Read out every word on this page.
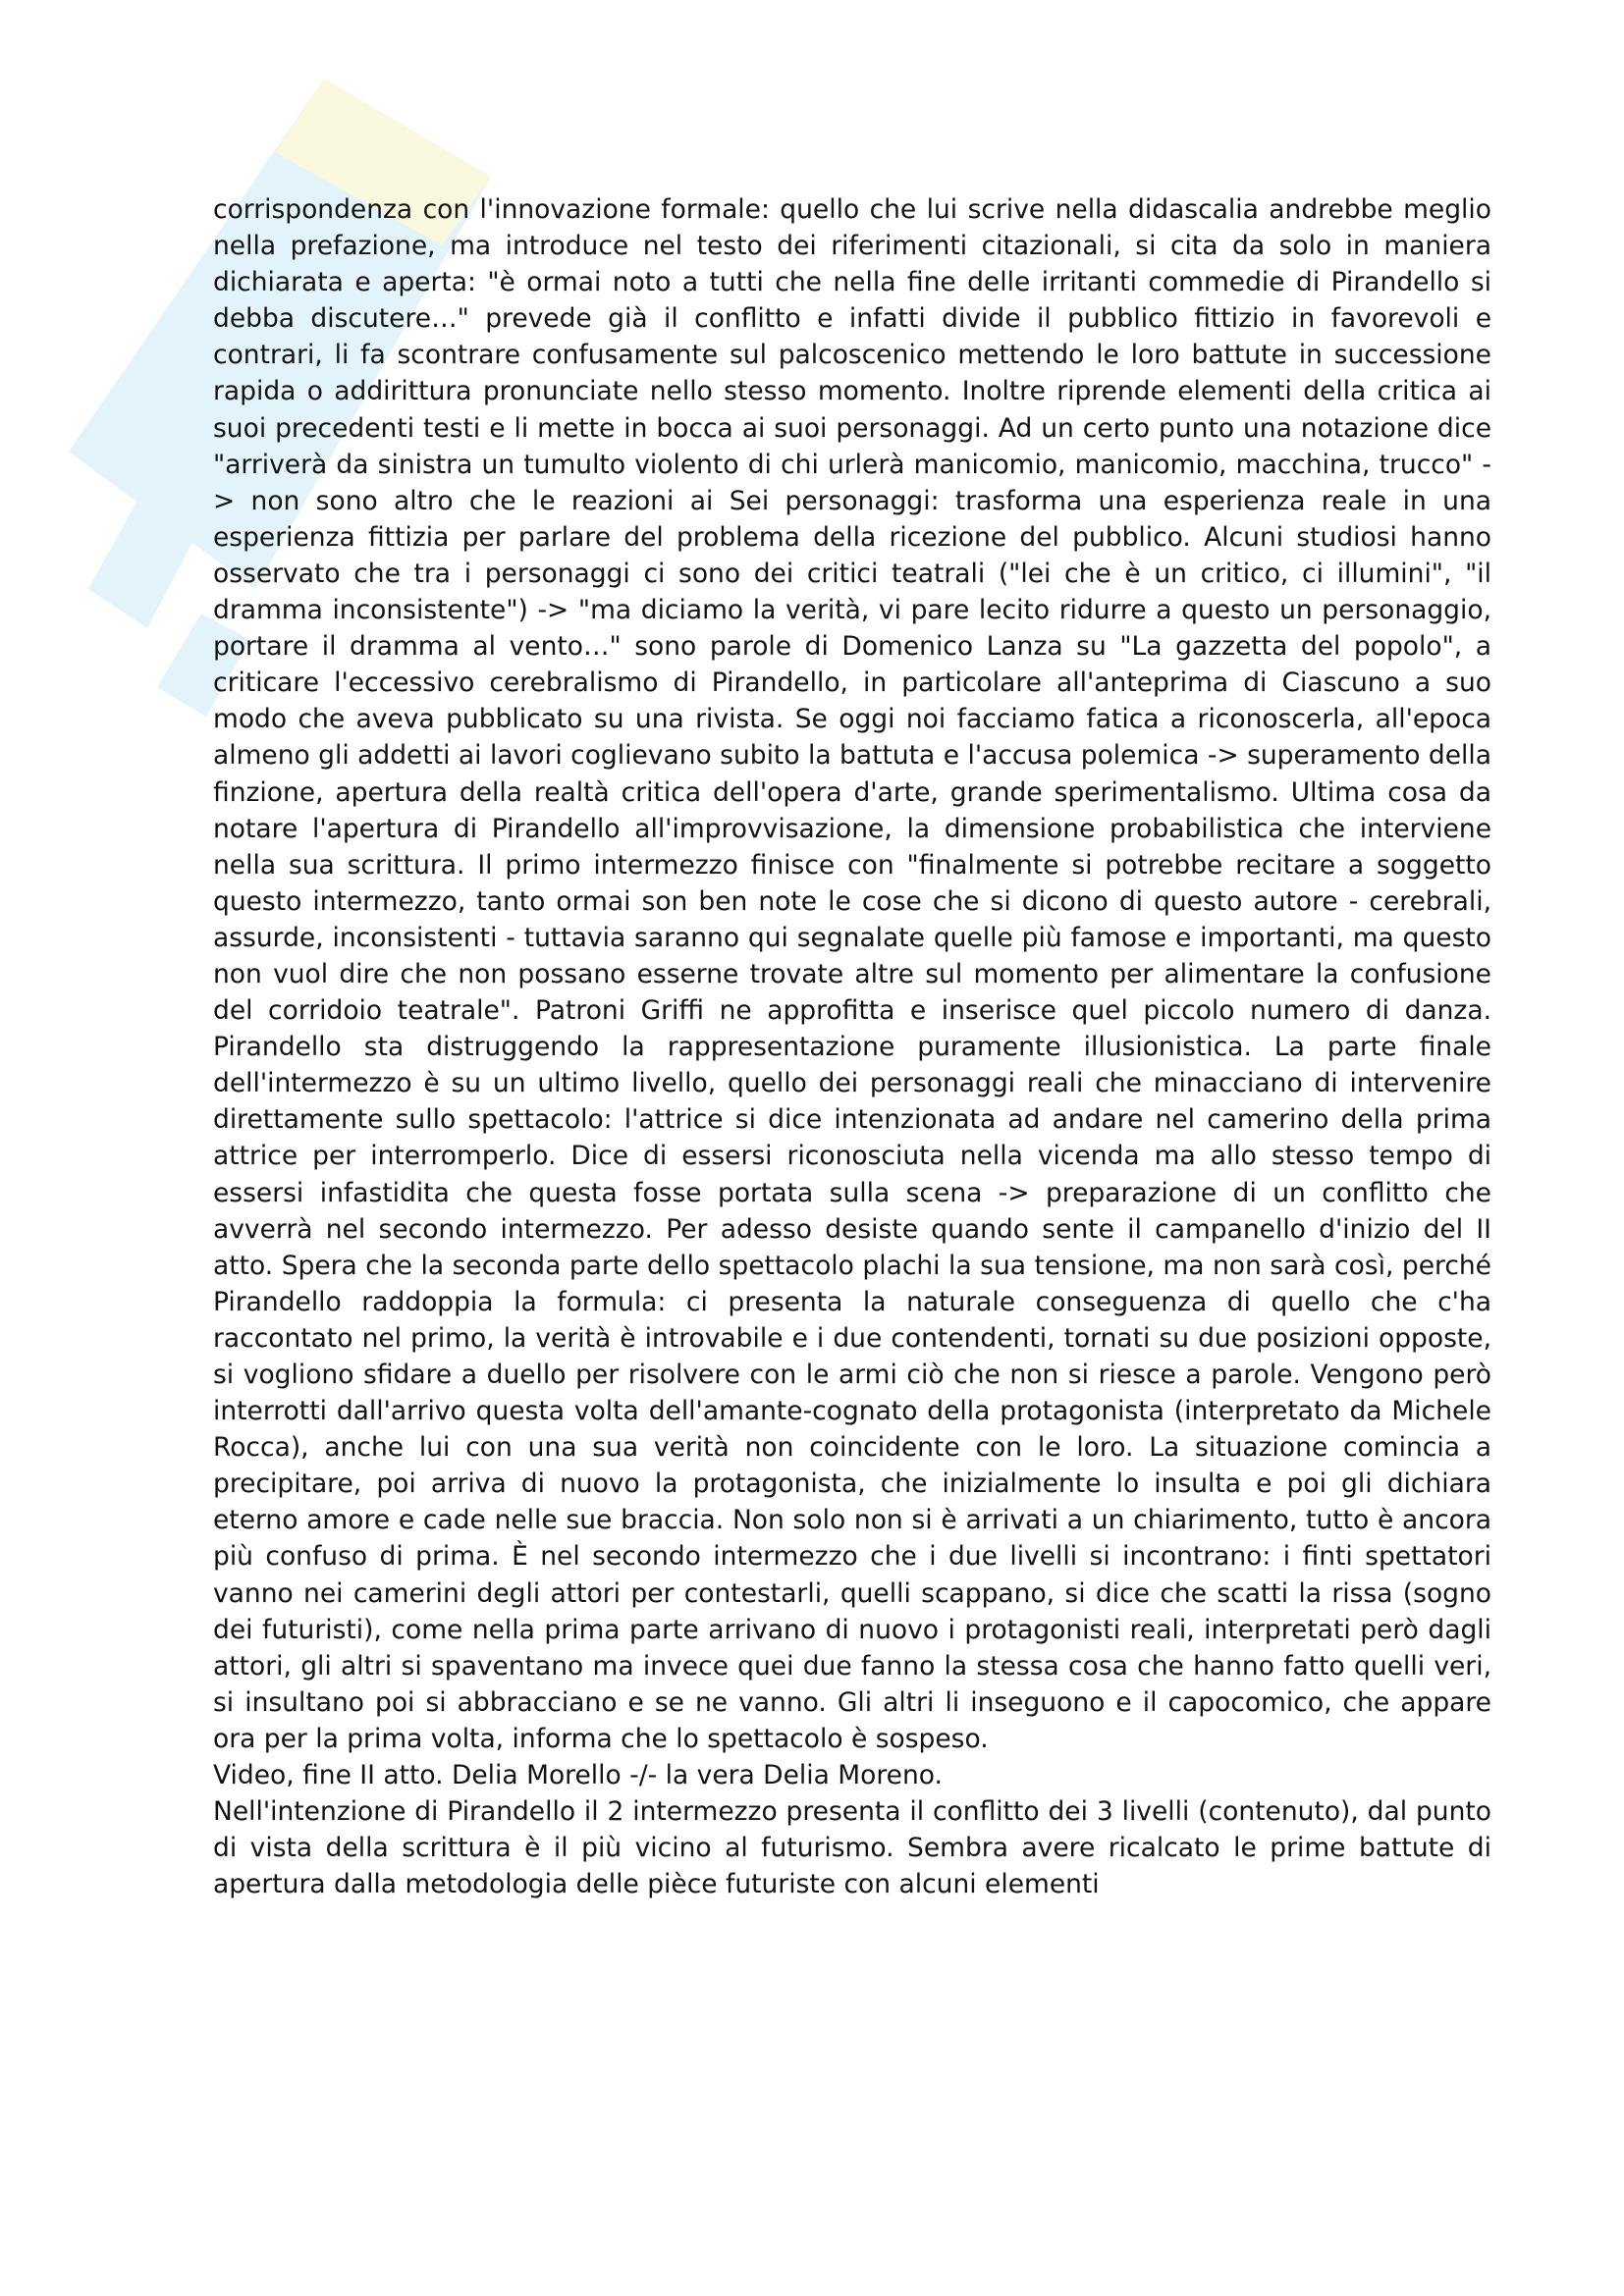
corrispondenza con l'innovazione formale: quello che lui scrive nella didascalia andrebbe meglio nella prefazione, ma introduce nel testo dei riferimenti citazionali, si cita da solo in maniera dichiarata e aperta: "è ormai noto a tutti che nella fine delle irritanti commedie di Pirandello si debba discutere…" prevede già il conflitto e infatti divide il pubblico fittizio in favorevoli e contrari, li fa scontrare confusamente sul palcoscenico mettendo le loro battute in successione rapida o addirittura pronunciate nello stesso momento. Inoltre riprende elementi della critica ai suoi precedenti testi e li mette in bocca ai suoi personaggi. Ad un certo punto una notazione dice "arriverà da sinistra un tumulto violento di chi urlerà manicomio, manicomio, macchina, trucco" -> non sono altro che le reazioni ai Sei personaggi: trasforma una esperienza reale in una esperienza fittizia per parlare del problema della ricezione del pubblico. Alcuni studiosi hanno osservato che tra i personaggi ci sono dei critici teatrali ("lei che è un critico, ci illumini", "il dramma inconsistente") -> "ma diciamo la verità, vi pare lecito ridurre a questo un personaggio, portare il dramma al vento…" sono parole di Domenico Lanza su "La gazzetta del popolo", a criticare l'eccessivo cerebralismo di Pirandello, in particolare all'anteprima di Ciascuno a suo modo che aveva pubblicato su una rivista. Se oggi noi facciamo fatica a riconoscerla, all'epoca almeno gli addetti ai lavori coglievano subito la battuta e l'accusa polemica -> superamento della finzione, apertura della realtà critica dell'opera d'arte, grande sperimentalismo. Ultima cosa da notare l'apertura di Pirandello all'improvvisazione, la dimensione probabilistica che interviene nella sua scrittura. Il primo intermezzo finisce con "finalmente si potrebbe recitare a soggetto questo intermezzo, tanto ormai son ben note le cose che si dicono di questo autore - cerebrali, assurde, inconsistenti - tuttavia saranno qui segnalate quelle più famose e importanti, ma questo non vuol dire che non possano esserne trovate altre sul momento per alimentare la confusione del corridoio teatrale". Patroni Griffi ne approfitta e inserisce quel piccolo numero di danza. Pirandello sta distruggendo la rappresentazione puramente illusionistica. La parte finale dell'intermezzo è su un ultimo livello, quello dei personaggi reali che minacciano di intervenire direttamente sullo spettacolo: l'attrice si dice intenzionata ad andare nel camerino della prima attrice per interromperlo. Dice di essersi riconosciuta nella vicenda ma allo stesso tempo di essersi infastidita che questa fosse portata sulla scena -> preparazione di un conflitto che avverrà nel secondo intermezzo. Per adesso desiste quando sente il campanello d'inizio del II atto. Spera che la seconda parte dello spettacolo plachi la sua tensione, ma non sarà così, perché Pirandello raddoppia la formula: ci presenta la naturale conseguenza di quello che c'ha raccontato nel primo, la verità è introvabile e i due contendenti, tornati su due posizioni opposte, si vogliono sfidare a duello per risolvere con le armi ciò che non si riesce a parole. Vengono però interrotti dall'arrivo questa volta dell'amante-cognato della protagonista (interpretato da Michele Rocca), anche lui con una sua verità non coincidente con le loro. La situazione comincia a precipitare, poi arriva di nuovo la protagonista, che inizialmente lo insulta e poi gli dichiara eterno amore e cade nelle sue braccia. Non solo non si è arrivati a un chiarimento, tutto è ancora più confuso di prima. È nel secondo intermezzo che i due livelli si incontrano: i finti spettatori vanno nei camerini degli attori per contestarli, quelli scappano, si dice che scatti la rissa (sogno dei futuristi), come nella prima parte arrivano di nuovo i protagonisti reali, interpretati però dagli attori, gli altri si spaventano ma invece quei due fanno la stessa cosa che hanno fatto quelli veri, si insultano poi si abbracciano e se ne vanno. Gli altri li inseguono e il capocomico, che appare ora per la prima volta, informa che lo spettacolo è sospeso.

Video, fine II atto. Delia Morello -/- la vera Delia Moreno.

Nell'intenzione di Pirandello il 2 intermezzo presenta il conflitto dei 3 livelli (contenuto), dal punto di vista della scrittura è il più vicino al futurismo. Sembra avere ricalcato le prime battute di apertura dalla metodologia delle pièce futuriste con alcuni elementi
